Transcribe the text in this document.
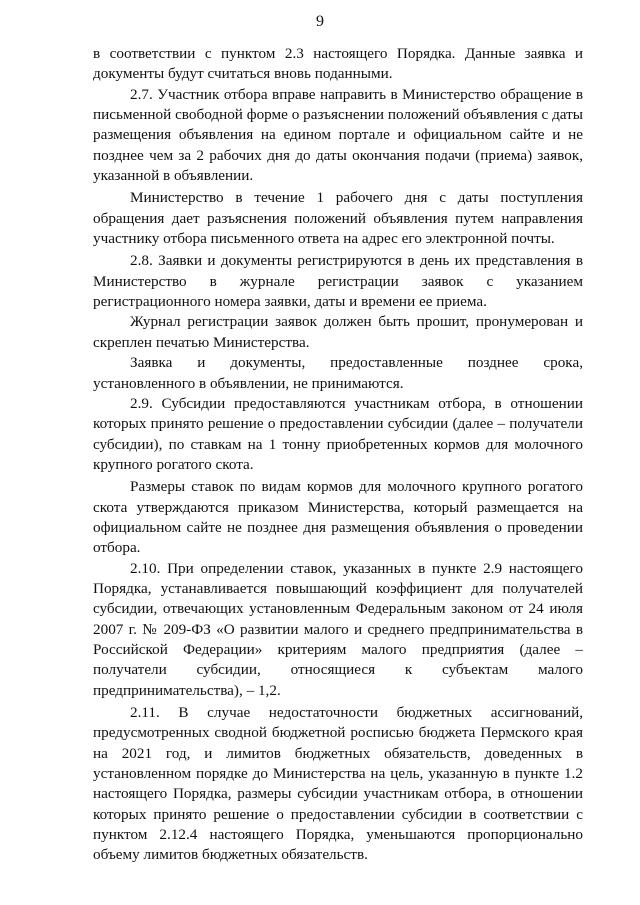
9

в соответствии с пунктом 2.3 настоящего Порядка. Данные заявка и документы будут считаться вновь поданными.

2.7. Участник отбора вправе направить в Министерство обращение в письменной свободной форме о разъяснении положений объявления с даты размещения объявления на едином портале и официальном сайте и не позднее чем за 2 рабочих дня до даты окончания подачи (приема) заявок, указанной в объявлении.

Министерство в течение 1 рабочего дня с даты поступления обращения дает разъяснения положений объявления путем направления участнику отбора письменного ответа на адрес его электронной почты.

2.8. Заявки и документы регистрируются в день их представления в Министерство в журнале регистрации заявок с указанием регистрационного номера заявки, даты и времени ее приема.

Журнал регистрации заявок должен быть прошит, пронумерован и скреплен печатью Министерства.

Заявка и документы, предоставленные позднее срока, установленного в объявлении, не принимаются.

2.9. Субсидии предоставляются участникам отбора, в отношении которых принято решение о предоставлении субсидии (далее – получатели субсидии), по ставкам на 1 тонну приобретенных кормов для молочного крупного рогатого скота.

Размеры ставок по видам кормов для молочного крупного рогатого скота утверждаются приказом Министерства, который размещается на официальном сайте не позднее дня размещения объявления о проведении отбора.

2.10. При определении ставок, указанных в пункте 2.9 настоящего Порядка, устанавливается повышающий коэффициент для получателей субсидии, отвечающих установленным Федеральным законом от 24 июля 2007 г. № 209-ФЗ «О развитии малого и среднего предпринимательства в Российской Федерации» критериям малого предприятия (далее – получатели субсидии, относящиеся к субъектам малого предпринимательства), – 1,2.

2.11. В случае недостаточности бюджетных ассигнований, предусмотренных сводной бюджетной росписью бюджета Пермского края на 2021 год, и лимитов бюджетных обязательств, доведенных в установленном порядке до Министерства на цель, указанную в пункте 1.2 настоящего Порядка, размеры субсидии участникам отбора, в отношении которых принято решение о предоставлении субсидии в соответствии с пунктом 2.12.4 настоящего Порядка, уменьшаются пропорционально объему лимитов бюджетных обязательств.
